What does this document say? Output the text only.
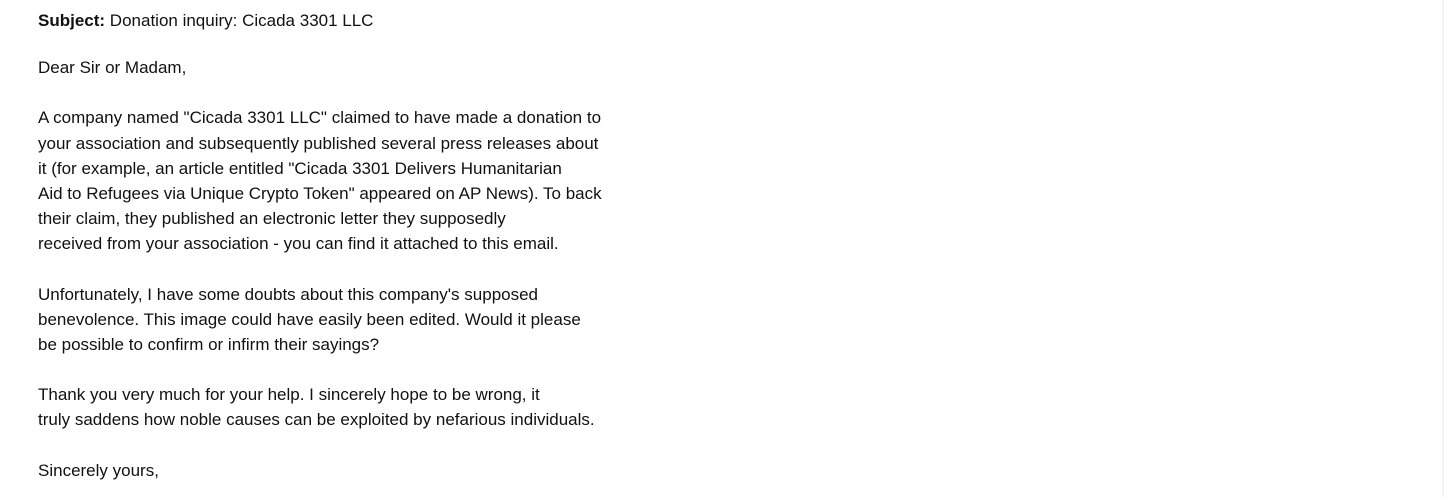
Subject: Donation inquiry: Cicada 3301 LLC

Dear Sir or Madam,

A company named "Cicada 3301 LLC" claimed to have made a donation to
your association and subsequently published several press releases about
it (for example, an article entitled "Cicada 3301 Delivers Humanitarian
Aid to Refugees via Unique Crypto Token" appeared on AP News). To back
their claim, they published an electronic letter they supposedly
received from your association - you can find it attached to this email.
Unfortunately, I have some doubts about this company's supposed
benevolence. This image could have easily been edited. Would it please
be possible to confirm or infirm their sayings?
Thank you very much for your help. I sincerely hope to be wrong, it
truly saddens how noble causes can be exploited by nefarious individuals.

Sincerely yours,
